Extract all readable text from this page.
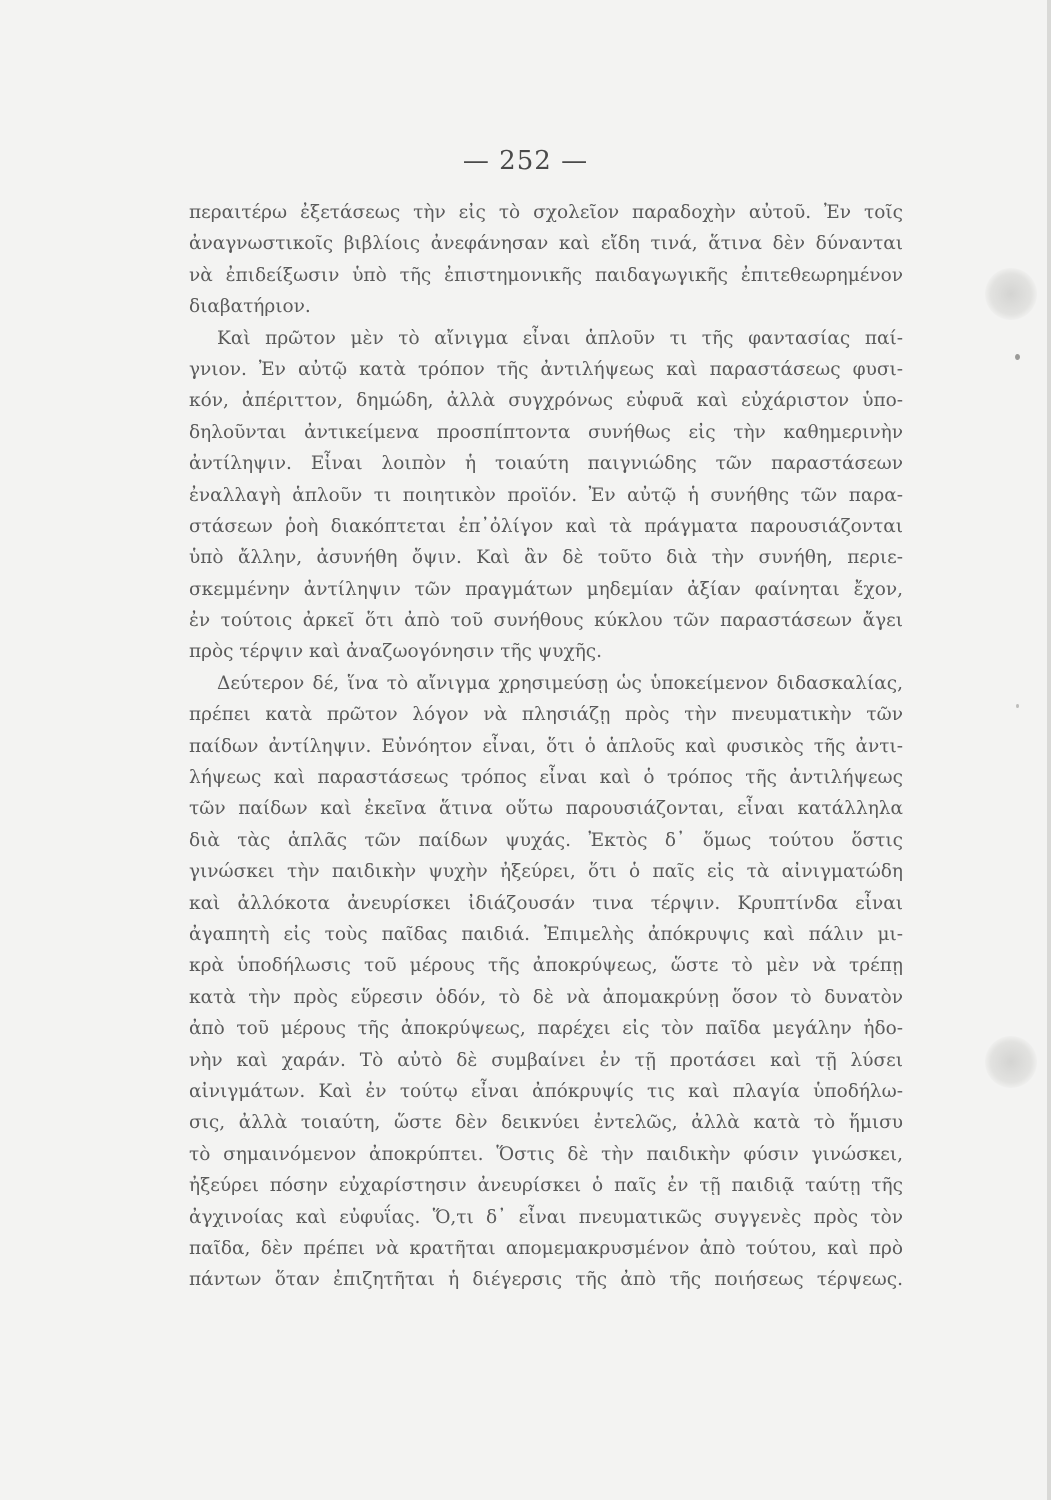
— 252 —
περαιτέρω ἐξετάσεως τὴν εἰς τὸ σχολεῖον παραδοχὴν αὐτοῦ. Ἐν τοῖς
ἀναγνωστικοῖς βιβλίοις ἀνεφάνησαν καὶ εἴδη τινά, ἅτινα δὲν δύνανται
νὰ ἐπιδείξωσιν ὑπὸ τῆς ἐπιστημονικῆς παιδαγωγικῆς ἐπιτεθεωρημένον
διαβατήριον.
Καὶ πρῶτον μὲν τὸ αἴνιγμα εἶναι ἁπλοῦν τι τῆς φαντασίας παί-
γνιον. Ἐν αὐτῷ κατὰ τρόπον τῆς ἀντιλήψεως καὶ παραστάσεως φυσι-
κόν, ἀπέριττον, δημώδη, ἀλλὰ συγχρόνως εὐφυᾶ καὶ εὐχάριστον ὑπο-
δηλοῦνται ἀντικείμενα προσπίπτοντα συνήθως εἰς τὴν καθημερινὴν
ἀντίληψιν. Εἶναι λοιπὸν ἡ τοιαύτη παιγνιώδης τῶν παραστάσεων
ἐναλλαγὴ ἁπλοῦν τι ποιητικὸν προϊόν. Ἐν αὐτῷ ἡ συνήθης τῶν παρα-
στάσεων ῥοὴ διακόπτεται ἐπ᾽ὀλίγον καὶ τὰ πράγματα παρουσιάζονται
ὑπὸ ἄλλην, ἀσυνήθη ὄψιν. Καὶ ἂν δὲ τοῦτο διὰ τὴν συνήθη, περιε-
σκεμμένην ἀντίληψιν τῶν πραγμάτων μηδεμίαν ἀξίαν φαίνηται ἔχον,
ἐν τούτοις ἀρκεῖ ὅτι ἀπὸ τοῦ συνήθους κύκλου τῶν παραστάσεων ἄγει
πρὸς τέρψιν καὶ ἀναζωογόνησιν τῆς ψυχῆς.
Δεύτερον δέ, ἵνα τὸ αἴνιγμα χρησιμεύσῃ ὡς ὑποκείμενον διδασκαλίας,
πρέπει κατὰ πρῶτον λόγον νὰ πλησιάζῃ πρὸς τὴν πνευματικὴν τῶν
παίδων ἀντίληψιν. Εὐνόητον εἶναι, ὅτι ὁ ἁπλοῦς καὶ φυσικὸς τῆς ἀντι-
λήψεως καὶ παραστάσεως τρόπος εἶναι καὶ ὁ τρόπος τῆς ἀντιλήψεως
τῶν παίδων καὶ ἐκεῖνα ἅτινα οὕτω παρουσιάζονται, εἶναι κατάλληλα
διὰ τὰς ἁπλᾶς τῶν παίδων ψυχάς. Ἐκτὸς δ᾽ ὅμως τούτου ὅστις
γινώσκει τὴν παιδικὴν ψυχὴν ἠξεύρει, ὅτι ὁ παῖς εἰς τὰ αἰνιγματώδη
καὶ ἀλλόκοτα ἀνευρίσκει ἰδιάζουσάν τινα τέρψιν. Κρυπτίνδα εἶναι
ἀγαπητὴ εἰς τοὺς παῖδας παιδιά. Ἐπιμελὴς ἀπόκρυψις καὶ πάλιν μι-
κρὰ ὑποδήλωσις τοῦ μέρους τῆς ἀποκρύψεως, ὥστε τὸ μὲν νὰ τρέπῃ
κατὰ τὴν πρὸς εὕρεσιν ὁδόν, τὸ δὲ νὰ ἀπομακρύνῃ ὅσον τὸ δυνατὸν
ἀπὸ τοῦ μέρους τῆς ἀποκρύψεως, παρέχει εἰς τὸν παῖδα μεγάλην ἡδο-
νὴν καὶ χαράν. Τὸ αὐτὸ δὲ συμβαίνει ἐν τῇ προτάσει καὶ τῇ λύσει
αἰνιγμάτων. Καὶ ἐν τούτῳ εἶναι ἀπόκρυψίς τις καὶ πλαγία ὑποδήλω-
σις, ἀλλὰ τοιαύτη, ὥστε δὲν δεικνύει ἐντελῶς, ἀλλὰ κατὰ τὸ ἥμισυ
τὸ σημαινόμενον ἀποκρύπτει. Ὅστις δὲ τὴν παιδικὴν φύσιν γινώσκει,
ἠξεύρει πόσην εὐχαρίστησιν ἀνευρίσκει ὁ παῖς ἐν τῇ παιδιᾷ ταύτῃ τῆς
ἀγχινοίας καὶ εὐφυΐας. Ὅ,τι δ᾽ εἶναι πνευματικῶς συγγενὲς πρὸς τὸν
παῖδα, δὲν πρέπει νὰ κρατῆται απομεμακρυσμένον ἀπὸ τούτου, καὶ πρὸ
πάντων ὅταν ἐπιζητῆται ἡ διέγερσις τῆς ἀπὸ τῆς ποιήσεως τέρψεως.
